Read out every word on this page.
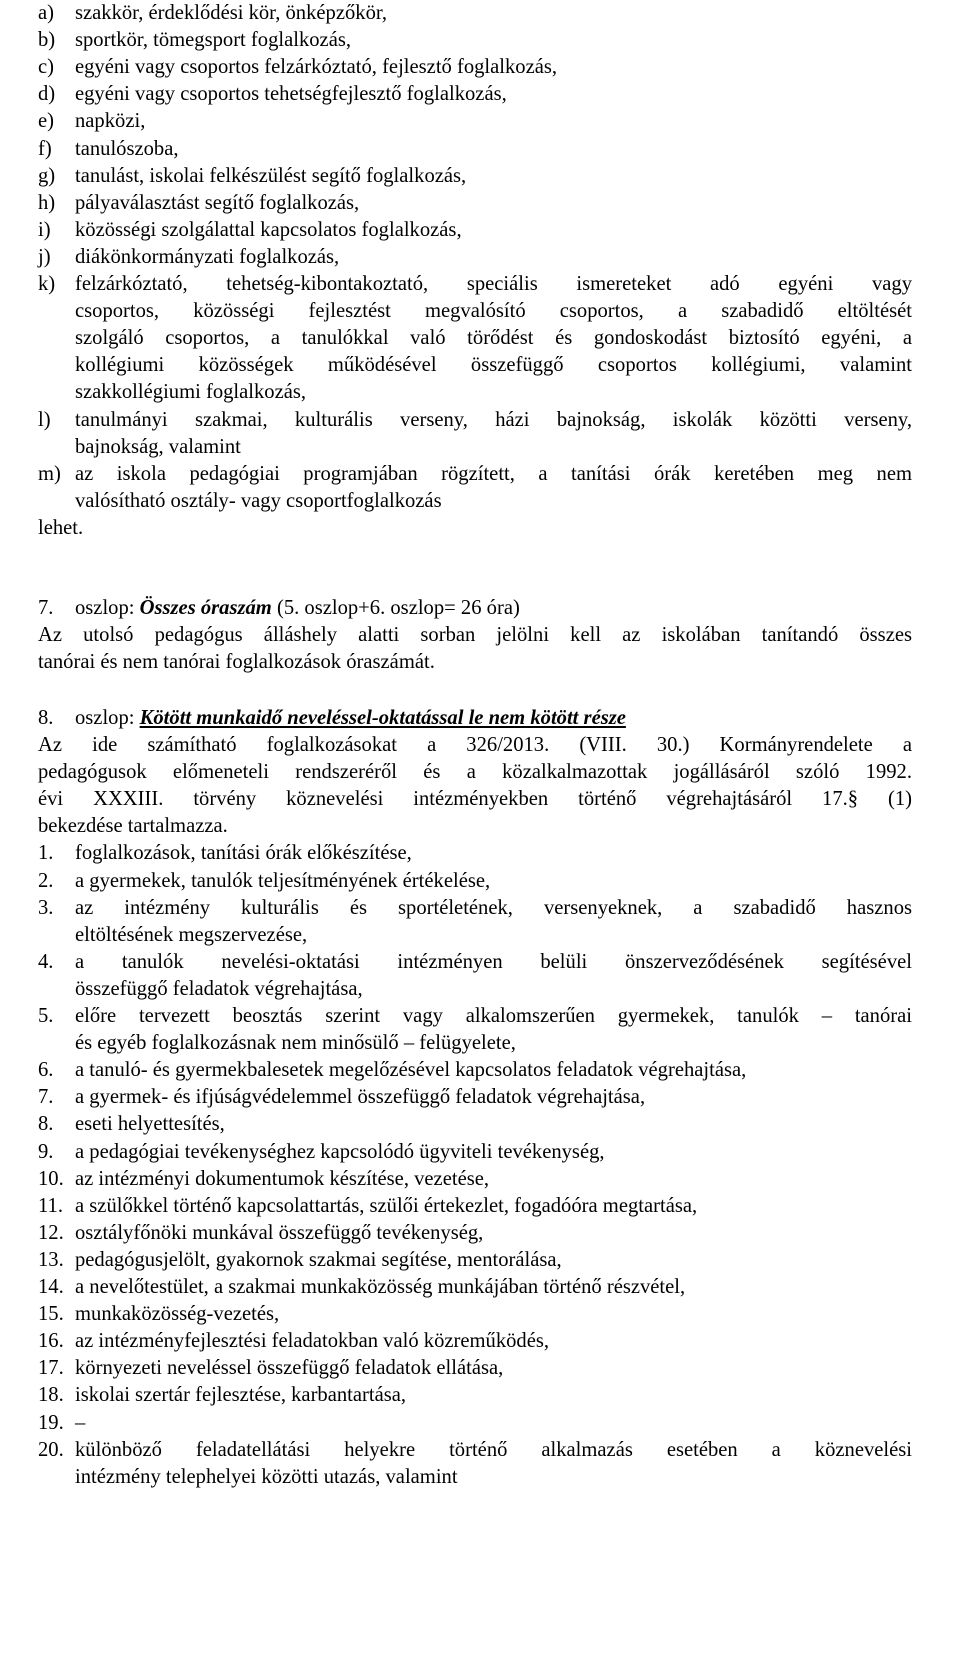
a) szakkör, érdeklődési kör, önképzőkör,
b) sportkör, tömegsport foglalkozás,
c) egyéni vagy csoportos felzárkóztató, fejlesztő foglalkozás,
d) egyéni vagy csoportos tehetségfejlesztő foglalkozás,
e) napközi,
f) tanulószoba,
g) tanulást, iskolai felkészülést segítő foglalkozás,
h) pályaválasztást segítő foglalkozás,
i) közösségi szolgálattal kapcsolatos foglalkozás,
j) diákönkormányzati foglalkozás,
k) felzárkóztató, tehetség-kibontakoztató, speciális ismereteket adó egyéni vagy
csoportos, közösségi fejlesztést megvalósító csoportos, a szabadidő eltöltését
szolgáló csoportos, a tanulókkal való törődést és gondoskodást biztosító egyéni, a
kollégiumi közösségek működésével összefüggő csoportos kollégiumi, valamint
szakkollégiumi foglalkozás,
l) tanulmányi szakmai, kulturális verseny, házi bajnokság, iskolák közötti verseny,
bajnokság, valamint
m) az iskola pedagógiai programjában rögzített, a tanítási órák keretében meg nem
valósítható osztály- vagy csoportfoglalkozás
lehet.
7. oszlop: Összes óraszám (5. oszlop+6. oszlop= 26 óra)
Az utolsó pedagógus álláshely alatti sorban jelölni kell az iskolában tanítandó összes
tanórai és nem tanórai foglalkozások óraszámát.
8. oszlop: Kötött munkaidő neveléssel-oktatással le nem kötött része
Az ide számítható foglalkozásokat a 326/2013. (VIII. 30.) Kormányrendelete a
pedagógusok előmeneteli rendszeréről és a közalkalmazottak jogállásáról szóló 1992.
évi XXXIII. törvény köznevelési intézményekben történő végrehajtásáról 17.§ (1)
bekezdése tartalmazza.
1. foglalkozások, tanítási órák előkészítése,
2. a gyermekek, tanulók teljesítményének értékelése,
3. az intézmény kulturális és sportéletének, versenyeknek, a szabadidő hasznos
eltöltésének megszervezése,
4. a tanulók nevelési-oktatási intézményen belüli önszerveződésének segítésével
összefüggő feladatok végrehajtása,
5. előre tervezett beosztás szerint vagy alkalomszerűen gyermekek, tanulók – tanórai
és egyéb foglalkozásnak nem minősülő – felügyelete,
6. a tanuló- és gyermekbalesetek megelőzésével kapcsolatos feladatok végrehajtása,
7. a gyermek- és ifjúságvédelemmel összefüggő feladatok végrehajtása,
8. eseti helyettesítés,
9. a pedagógiai tevékenységhez kapcsolódó ügyviteli tevékenység,
10. az intézményi dokumentumok készítése, vezetése,
11. a szülőkkel történő kapcsolattartás, szülői értekezlet, fogadóóra megtartása,
12. osztályfőnöki munkával összefüggő tevékenység,
13. pedagógusjelölt, gyakornok szakmai segítése, mentorálása,
14. a nevelőtestület, a szakmai munkaközösség munkájában történő részvétel,
15. munkaközösség-vezetés,
16. az intézményfejlesztési feladatokban való közreműködés,
17. környezeti neveléssel összefüggő feladatok ellátása,
18. iskolai szertár fejlesztése, karbantartása,
19. –
20. különböző feladatellátási helyekre történő alkalmazás esetében a köznevelési
intézmény telephelyei közötti utazás, valamint
